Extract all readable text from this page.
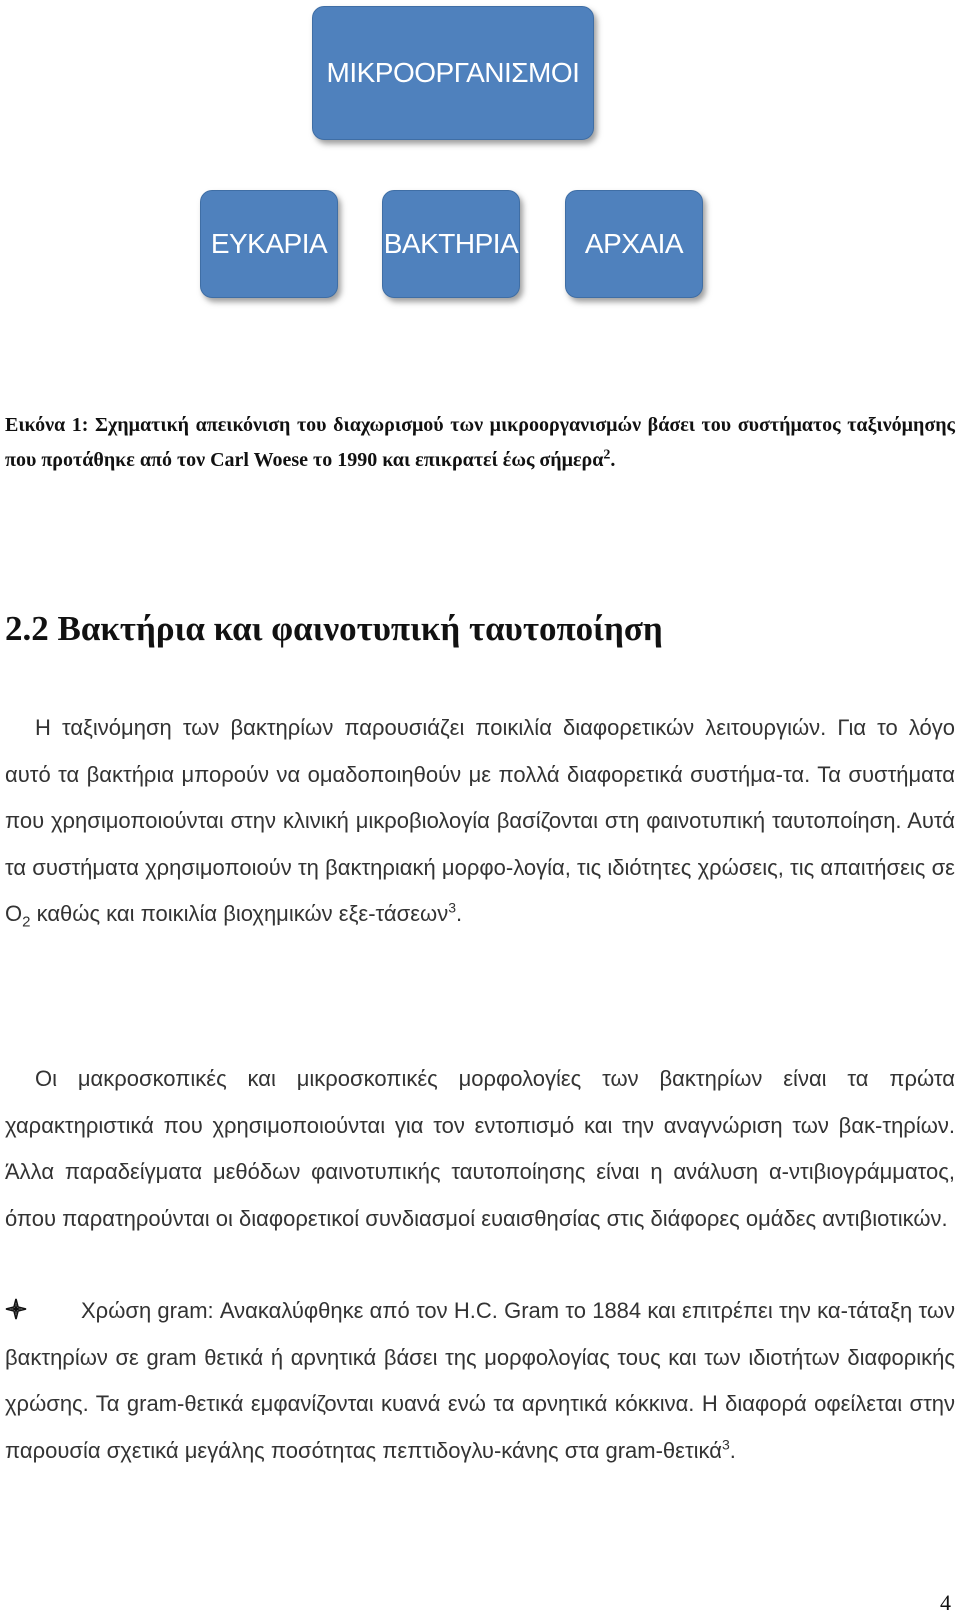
ΜΙΚΡΟΟΡΓΑΝΙΣΜΟΙ
ΕΥΚΑΡΙΑ ΒΑΚΤΗΡΙΑ ΑΡΧΑΙΑ

Εικόνα 1: Σχηματική απεικόνιση του διαχωρισμού των μικροοργανισμών βάσει του συστήματος ταξινόμησης που προτάθηκε από τον Carl Woese το 1990 και επικρατεί έως σήμερα$^2$.

2.2 Βακτήρια και φαινοτυπική ταυτοποίηση

Η ταξινόμηση των βακτηρίων παρουσιάζει ποικιλία διαφορετικών λειτουργιών. Για το λόγο αυτό τα βακτήρια μπορούν να ομαδοποιηθούν με πολλά διαφορετικά συστήμα-τα. Τα συστήματα που χρησιμοποιούνται στην κλινική μικροβιολογία βασίζονται στη φαινοτυπική ταυτοποίηση. Αυτά τα συστήματα χρησιμοποιούν τη βακτηριακή μορφο-λογία, τις ιδιότητες χρώσεις, τις απαιτήσεις σε $O_2$ καθώς και ποικιλία βιοχημικών εξε-τάσεων$^3$.

Οι μακροσκοπικές και μικροσκοπικές μορφολογίες των βακτηρίων είναι τα πρώτα χαρακτηριστικά που χρησιμοποιούνται για τον εντοπισμό και την αναγνώριση των βακ-τηρίων. Άλλα παραδείγματα μεθόδων φαινοτυπικής ταυτοποίησης είναι η ανάλυση α-ντιβιογράμματος, όπου παρατηρούνται οι διαφορετικοί συνδιασμοί ευαισθησίας στις διάφορες ομάδες αντιβιοτικών.

Χρώση gram: Ανακαλύφθηκε από τον H.C. Gram το 1884 και επιτρέπει την κα-τάταξη των βακτηρίων σε gram θετικά ή αρνητικά βάσει της μορφολογίας τους και των ιδιοτήτων διαφορικής χρώσης. Τα gram-θετικά εμφανίζονται κυανά ενώ τα αρνητικά κόκκινα. Η διαφορά οφείλεται στην παρουσία σχετικά μεγάλης ποσότητας πεπτιδογλυ-κάνης στα gram-θετικά$^3$.

4
